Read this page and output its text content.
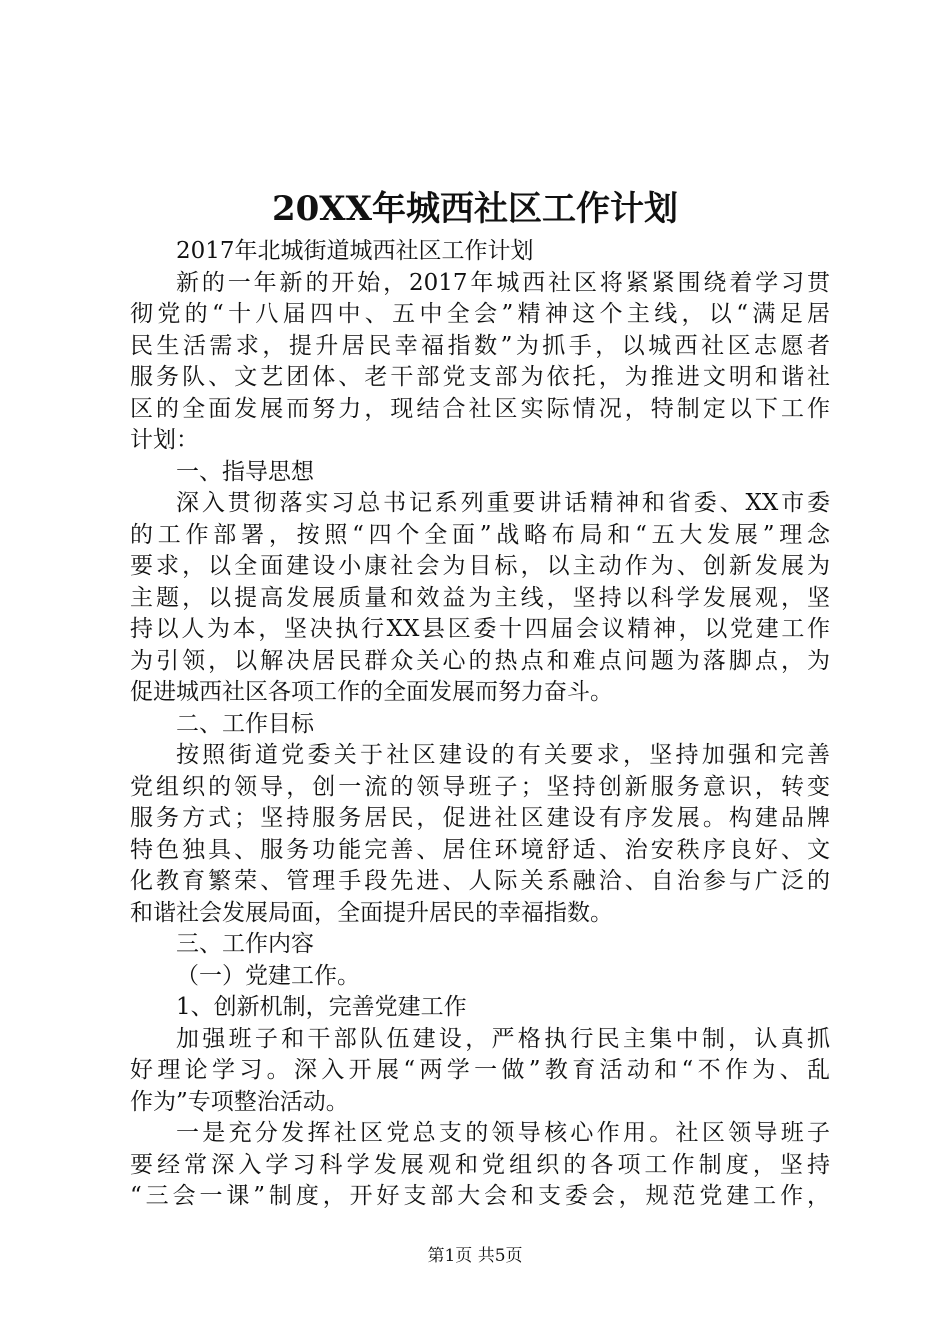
20XX年城西社区工作计划
2017年北城街道城西社区工作计划
新的一年新的开始，2017年城西社区将紧紧围绕着学习贯
彻党的“十八届四中、五中全会”精神这个主线，以“满足居
民生活需求，提升居民幸福指数”为抓手，以城西社区志愿者
服务队、文艺团体、老干部党支部为依托，为推进文明和谐社
区的全面发展而努力，现结合社区实际情况，特制定以下工作
计划：
一、指导思想
深入贯彻落实习总书记系列重要讲话精神和省委、XX市委
的工作部署，按照“四个全面”战略布局和“五大发展”理念
要求，以全面建设小康社会为目标，以主动作为、创新发展为
主题，以提高发展质量和效益为主线，坚持以科学发展观，坚
持以人为本，坚决执行XX县区委十四届会议精神，以党建工作
为引领，以解决居民群众关心的热点和难点问题为落脚点，为
促进城西社区各项工作的全面发展而努力奋斗。
二、工作目标
按照街道党委关于社区建设的有关要求，坚持加强和完善
党组织的领导，创一流的领导班子；坚持创新服务意识，转变
服务方式；坚持服务居民，促进社区建设有序发展。构建品牌
特色独具、服务功能完善、居住环境舒适、治安秩序良好、文
化教育繁荣、管理手段先进、人际关系融洽、自治参与广泛的
和谐社会发展局面，全面提升居民的幸福指数。
三、工作内容
（一）党建工作。
1、创新机制，完善党建工作
加强班子和干部队伍建设，严格执行民主集中制，认真抓
好理论学习。深入开展“两学一做”教育活动和“不作为、乱
作为”专项整治活动。
一是充分发挥社区党总支的领导核心作用。社区领导班子
要经常深入学习科学发展观和党组织的各项工作制度，坚持
“三会一课”制度，开好支部大会和支委会，规范党建工作，
第1页 共5页
